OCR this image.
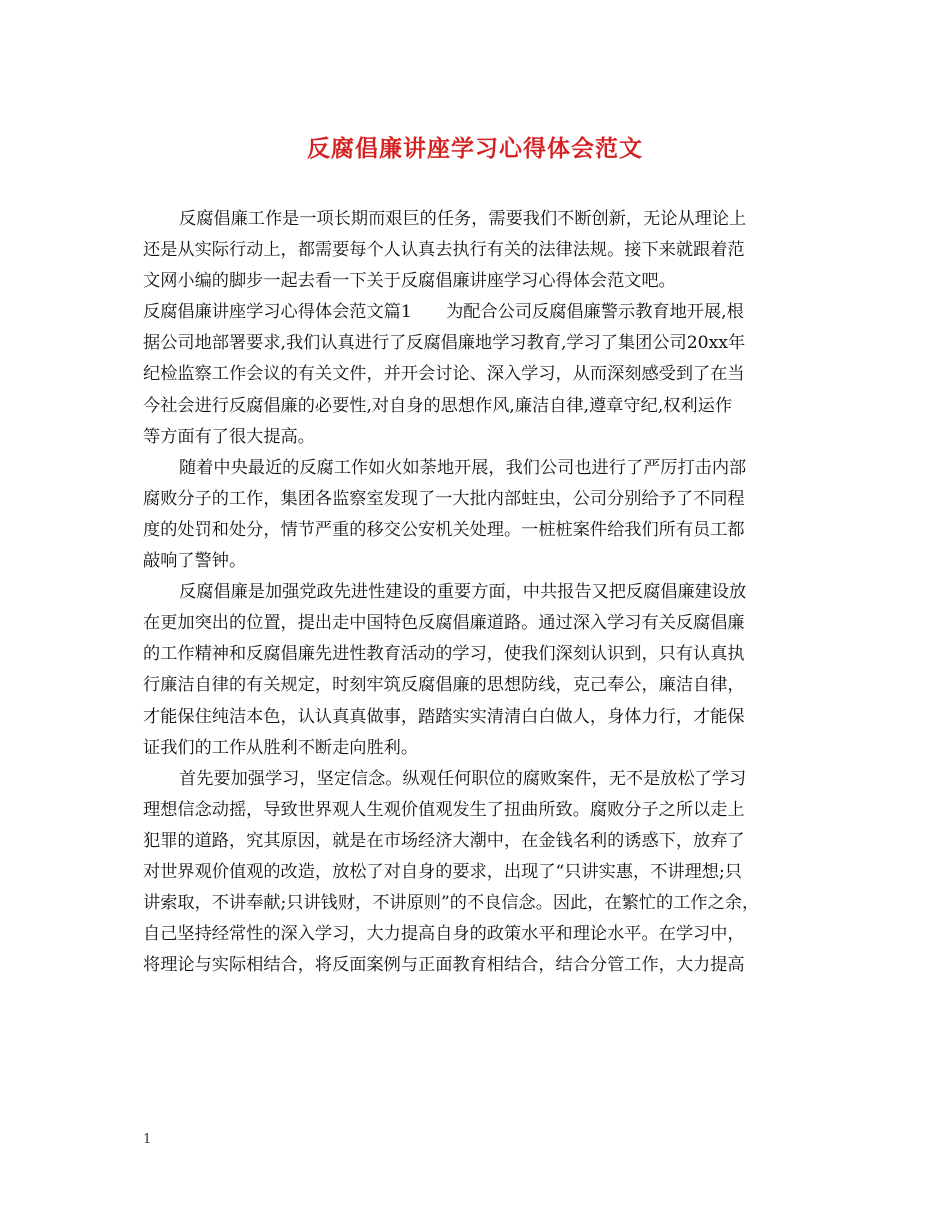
反腐倡廉讲座学习心得体会范文
反腐倡廉工作是一项长期而艰巨的任务，需要我们不断创新，无论从理论上
还是从实际行动上，都需要每个人认真去执行有关的法律法规。接下来就跟着范
文网小编的脚步一起去看一下关于反腐倡廉讲座学习心得体会范文吧。
反腐倡廉讲座学习心得体会范文篇1　　为配合公司反腐倡廉警示教育地开展,根
据公司地部署要求,我们认真进行了反腐倡廉地学习教育,学习了集团公司20xx年
纪检监察工作会议的有关文件，并开会讨论、深入学习，从而深刻感受到了在当
今社会进行反腐倡廉的必要性,对自身的思想作风,廉洁自律,遵章守纪,权利运作
等方面有了很大提高。
随着中央最近的反腐工作如火如荼地开展，我们公司也进行了严厉打击内部
腐败分子的工作，集团各监察室发现了一大批内部蛀虫，公司分别给予了不同程
度的处罚和处分，情节严重的移交公安机关处理。一桩桩案件给我们所有员工都
敲响了警钟。
反腐倡廉是加强党政先进性建设的重要方面，中共报告又把反腐倡廉建设放
在更加突出的位置，提出走中国特色反腐倡廉道路。通过深入学习有关反腐倡廉
的工作精神和反腐倡廉先进性教育活动的学习，使我们深刻认识到，只有认真执
行廉洁自律的有关规定，时刻牢筑反腐倡廉的思想防线，克己奉公，廉洁自律，
才能保住纯洁本色，认认真真做事，踏踏实实清清白白做人，身体力行，才能保
证我们的工作从胜利不断走向胜利。
首先要加强学习，坚定信念。纵观任何职位的腐败案件，无不是放松了学习
理想信念动摇，导致世界观人生观价值观发生了扭曲所致。腐败分子之所以走上
犯罪的道路，究其原因，就是在市场经济大潮中，在金钱名利的诱惑下，放弃了
对世界观价值观的改造，放松了对自身的要求，出现了“只讲实惠，不讲理想;只
讲索取，不讲奉献;只讲钱财，不讲原则”的不良信念。因此，在繁忙的工作之余，
自己坚持经常性的深入学习，大力提高自身的政策水平和理论水平。在学习中，
将理论与实际相结合，将反面案例与正面教育相结合，结合分管工作，大力提高
1
